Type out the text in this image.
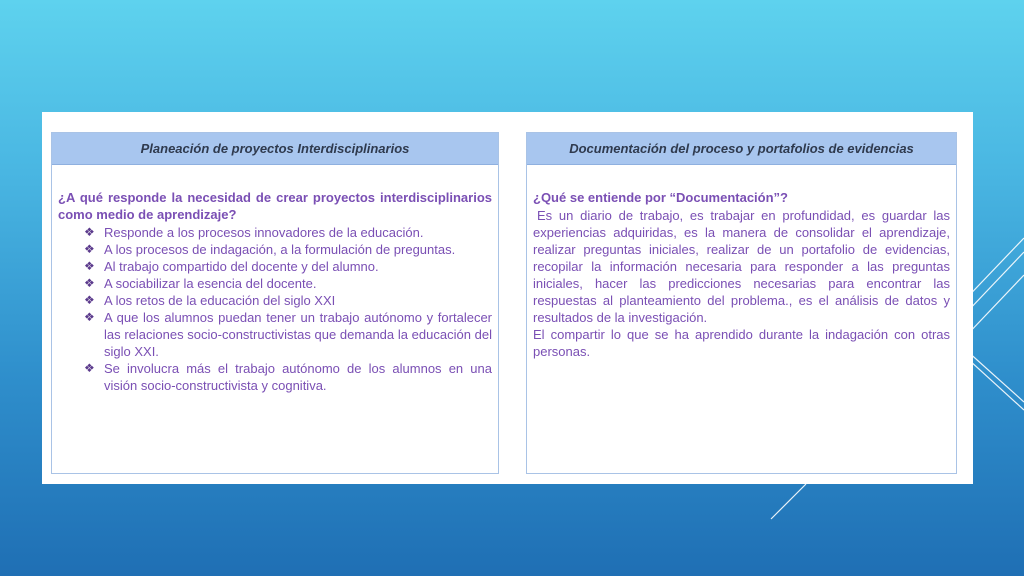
Planeación de proyectos Interdisciplinarios

¿A qué responde la necesidad de crear proyectos interdisciplinarios como medio de aprendizaje?

❖ Responde a los procesos innovadores de la educación.
❖ A los procesos de indagación, a la formulación de preguntas.
❖ Al trabajo compartido del docente y del alumno.
❖ A sociabilizar la esencia del docente.
❖ A los retos de la educación del siglo XXI
❖ A que los alumnos puedan tener un trabajo autónomo y fortalecer las relaciones socio-constructivistas que demanda la educación del siglo XXI.
❖ Se involucra más el trabajo autónomo de los alumnos en una visión socio-constructivista y cognitiva.
Documentación del proceso y portafolios de evidencias

¿Qué se entiende por “Documentación”?

Es un diario de trabajo, es trabajar en profundidad, es guardar las experiencias adquiridas, es la manera de consolidar el aprendizaje, realizar preguntas iniciales, realizar de un portafolio de evidencias, recopilar la información necesaria para responder a las preguntas iniciales, hacer las predicciones necesarias para encontrar las respuestas al planteamiento del problema., es el análisis de datos y resultados de la investigación.

El compartir lo que se ha aprendido durante la indagación con otras personas.
